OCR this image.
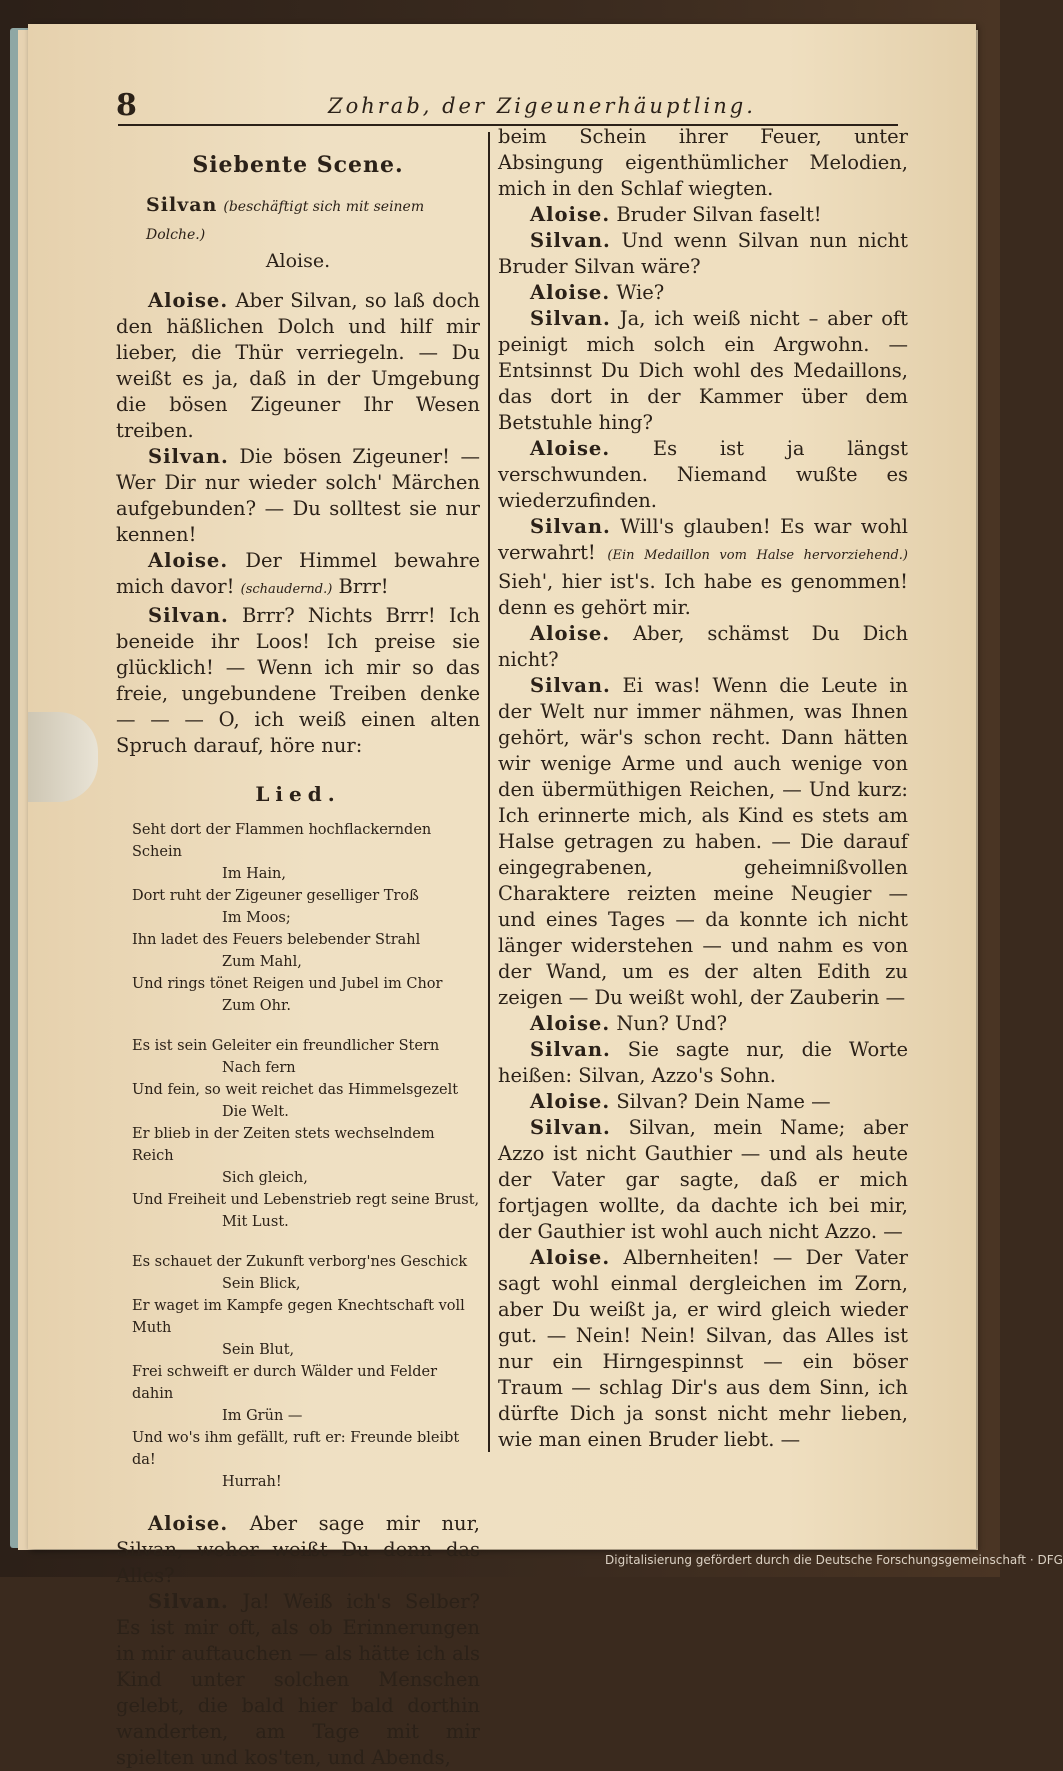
8	Zohrab, der Zigeunerhäuptling.
Siebente Scene.
Silvan (beschäftigt sich mit seinem Dolche.)
Aloise.

Aloise. Aber Silvan, so laß doch den häßlichen Dolch und hilf mir lieber, die Thür verriegeln. — Du weißt es ja, daß in der Umgebung die bösen Zigeuner Ihr Wesen treiben.

Silvan. Die bösen Zigeuner! — Wer Dir nur wieder solch' Märchen aufgebunden? — Du solltest sie nur kennen!

Aloise. Der Himmel bewahre mich davor! (schaudernd.) Brrr!

Silvan. Brrr? Nichts Brrr! Ich beneide ihr Loos! Ich preise sie glücklich! — Wenn ich mir so das freie, ungebundene Treiben denke — — — O, ich weiß einen alten Spruch darauf, höre nur:

Lied.
Seht dort der Flammen hochflackernden Schein
Im Hain,
Dort ruht der Zigeuner geselliger Troß
Im Moos;
Ihn ladet des Feuers belebender Strahl
Zum Mahl,
Und rings tönet Reigen und Jubel im Chor
Zum Ohr.
Es ist sein Geleiter ein freundlicher Stern
Nach fern
Und fein, so weit reichet das Himmelsgezelt
Die Welt.
Er blieb in der Zeiten stets wechselndem Reich
Sich gleich,
Und Freiheit und Lebenstrieb regt seine Brust,
Mit Lust.
Es schauet der Zukunft verborg'nes Geschick
Sein Blick,
Er waget im Kampfe gegen Knechtschaft voll Muth
Sein Blut,
Frei schweift er durch Wälder und Felder dahin
Im Grün —
Und wo's ihm gefällt, ruft er: Freunde bleibt da!
Hurrah!

Aloise. Aber sage mir nur, Silvan, woher weißt Du denn das Alles?

Silvan. Ja! Weiß ich's Selber? Es ist mir oft, als ob Erinnerungen in mir auftauchen — als hätte ich als Kind unter solchen Menschen gelebt, die bald hier bald dorthin wanderten, am Tage mit mir spielten und kos'ten, und Abends,

beim Schein ihrer Feuer, unter Absingung eigenthümlicher Melodien, mich in den Schlaf wiegten.

Aloise. Bruder Silvan faselt!

Silvan. Und wenn Silvan nun nicht Bruder Silvan wäre?

Aloise. Wie?

Silvan. Ja, ich weiß nicht – aber oft peinigt mich solch ein Argwohn. — Entsinnst Du Dich wohl des Medaillons, das dort in der Kammer über dem Betstuhle hing?

Aloise. Es ist ja längst verschwunden. Niemand wußte es wiederzufinden.

Silvan. Will's glauben! Es war wohl verwahrt! (Ein Medaillon vom Halse hervorziehend.) Sieh', hier ist's. Ich habe es genommen! denn es gehört mir.

Aloise. Aber, schämst Du Dich nicht?

Silvan. Ei was! Wenn die Leute in der Welt nur immer nähmen, was Ihnen gehört, wär's schon recht. Dann hätten wir wenige Arme und auch wenige von den übermüthigen Reichen, — Und kurz: Ich erinnerte mich, als Kind es stets am Halse getragen zu haben. — Die darauf eingegrabenen, geheimnißvollen Charaktere reizten meine Neugier — und eines Tages — da konnte ich nicht länger widerstehen — und nahm es von der Wand, um es der alten Edith zu zeigen — Du weißt wohl, der Zauberin —

Aloise. Nun? Und?

Silvan. Sie sagte nur, die Worte heißen: Silvan, Azzo's Sohn.

Aloise. Silvan? Dein Name —

Silvan. Silvan, mein Name; aber Azzo ist nicht Gauthier — und als heute der Vater gar sagte, daß er mich fortjagen wollte, da dachte ich bei mir, der Gauthier ist wohl auch nicht Azzo. —

Aloise. Albernheiten! — Der Vater sagt wohl einmal dergleichen im Zorn, aber Du weißt ja, er wird gleich wieder gut. — Nein! Nein! Silvan, das Alles ist nur ein Hirngespinnst — ein böser Traum — schlag Dir's aus dem Sinn, ich dürfte Dich ja sonst nicht mehr lieben, wie man einen Bruder liebt. —

Digitalisierung gefördert durch die Deutsche Forschungsgemeinschaft · DFG
